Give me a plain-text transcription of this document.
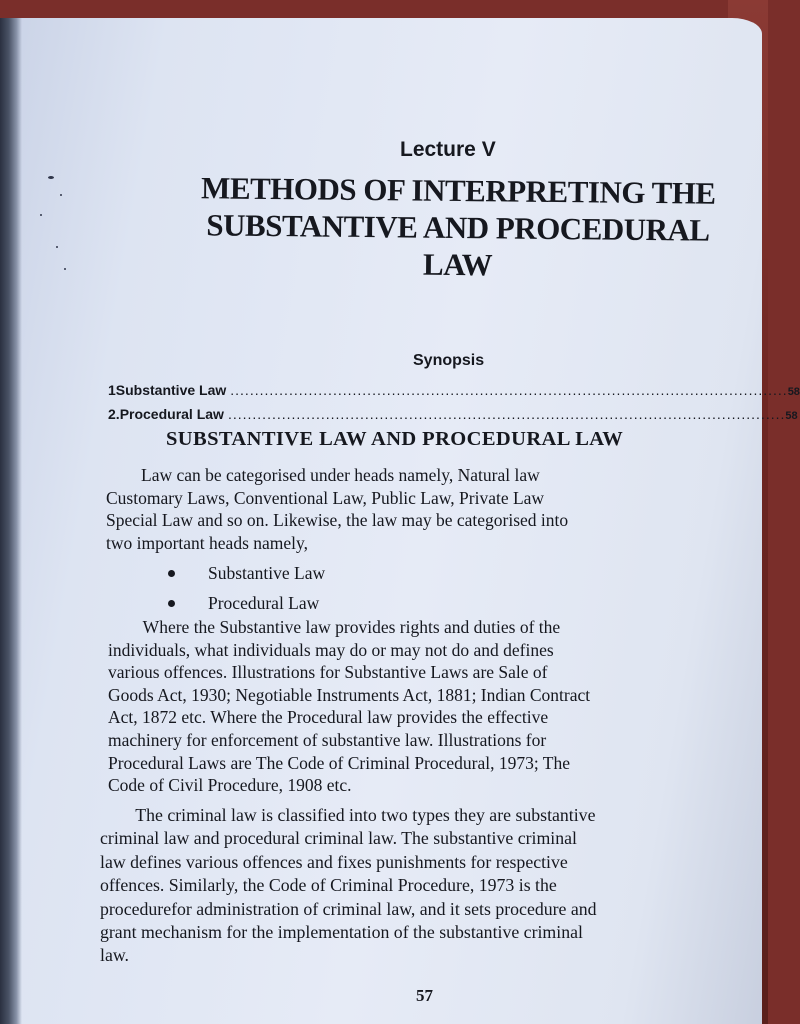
Lecture V
METHODS OF INTERPRETING THE
SUBSTANTIVE AND PROCEDURAL
LAW
Synopsis
1 Substantive Law .................................................................................................................. 58
2. Procedural Law .................................................................................................................. 58
SUBSTANTIVE LAW AND PROCEDURAL LAW
Law can be categorised under heads namely, Natural law
Customary Laws, Conventional Law, Public Law, Private Law
Special Law and so on. Likewise, the law may be categorised into
two important heads namely,
Substantive Law
Procedural Law
Where the Substantive law provides rights and duties of the
individuals, what individuals may do or may not do and defines
various offences. Illustrations for Substantive Laws are Sale of
Goods Act, 1930; Negotiable Instruments Act, 1881; Indian Contract
Act, 1872 etc. Where the Procedural law provides the effective
machinery for enforcement of substantive law. Illustrations for
Procedural Laws are The Code of Criminal Procedural, 1973; The
Code of Civil Procedure, 1908 etc.
The criminal law is classified into two types they are substantive
criminal law and procedural criminal law. The substantive criminal
law defines various offences and fixes punishments for respective
offences. Similarly, the Code of Criminal Procedure, 1973 is the
procedurefor administration of criminal law, and it sets procedure and
grant mechanism for the implementation of the substantive criminal
law.
57
